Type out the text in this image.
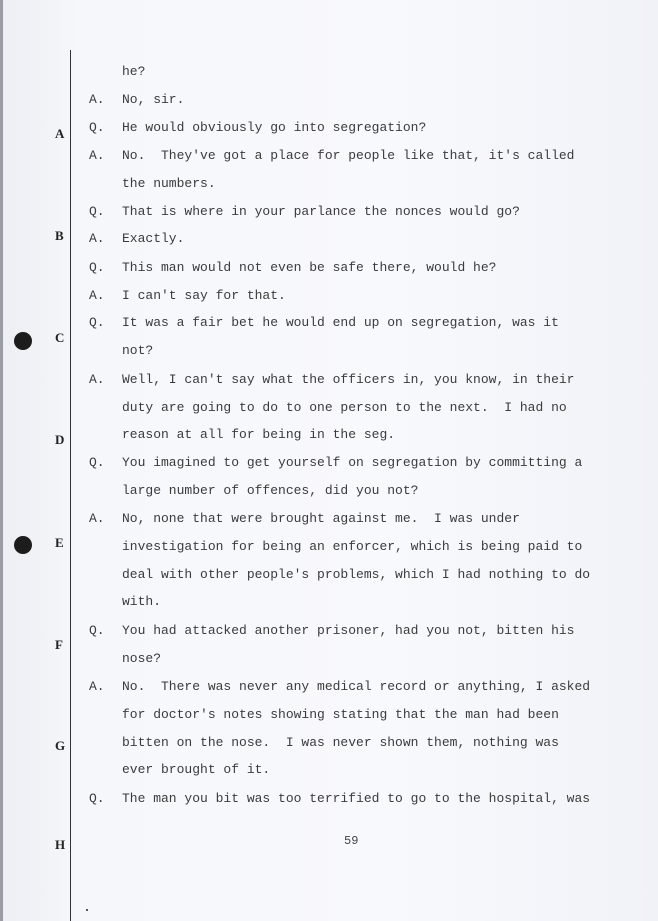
A
B
C
D
E
F
G
H
he?
A. No, sir.
Q. He would obviously go into segregation?
A. No.  They've got a place for people like that, it's called
the numbers.
Q. That is where in your parlance the nonces would go?
A. Exactly.
Q. This man would not even be safe there, would he?
A. I can't say for that.
Q. It was a fair bet he would end up on segregation, was it
not?
A. Well, I can't say what the officers in, you know, in their
duty are going to do to one person to the next.  I had no
reason at all for being in the seg.
Q. You imagined to get yourself on segregation by committing a
large number of offences, did you not?
A. No, none that were brought against me.  I was under
investigation for being an enforcer, which is being paid to
deal with other people's problems, which I had nothing to do
with.
Q. You had attacked another prisoner, had you not, bitten his
nose?
A. No.  There was never any medical record or anything, I asked
for doctor's notes showing stating that the man had been
bitten on the nose.  I was never shown them, nothing was
ever brought of it.
Q. The man you bit was too terrified to go to the hospital, was
59
